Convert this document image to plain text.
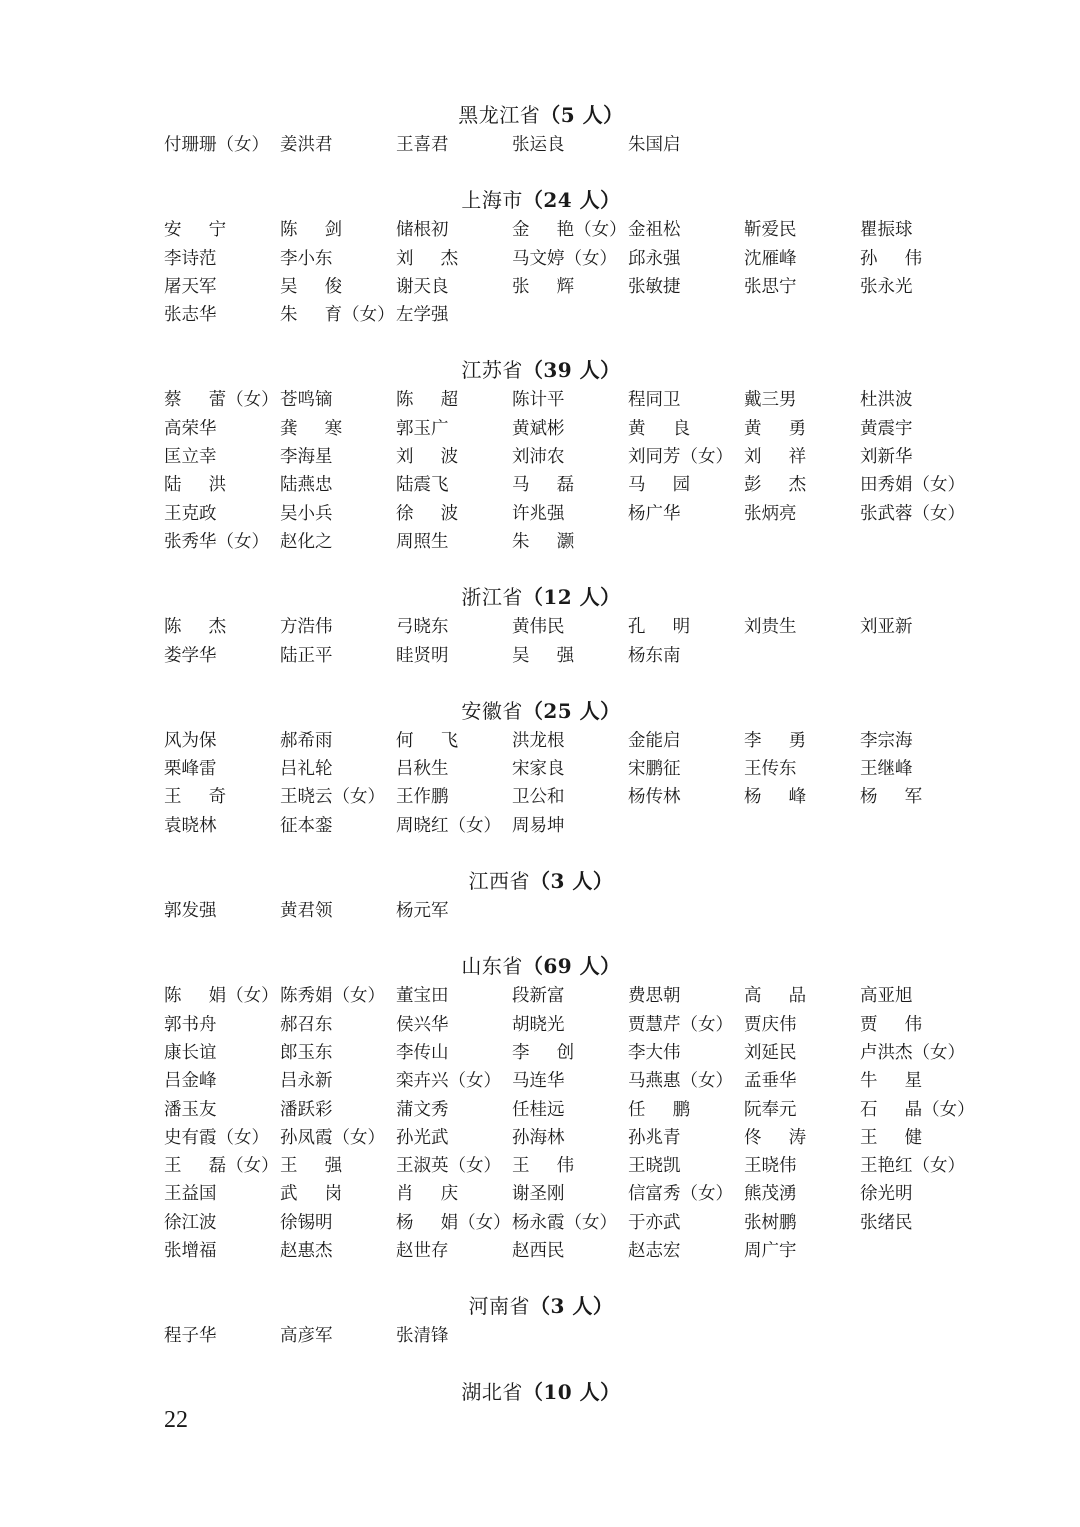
黑龙江省（5 人）
付珊珊（女） 姜洪君	王喜君	张运良	朱国启
上海市（24 人）
安 宁	陈 剑	储根初	金 艳（女） 金祖松	靳爱民	瞿振球
李诗范	李小东	刘 杰	马文婷（女） 邱永强	沈雁峰	孙 伟
屠天军	吴 俊	谢天良	张 辉	张敏捷	张思宁	张永光
张志华	朱 育（女） 左学强
江苏省（39 人）
蔡 蕾（女） 苍鸣镝	陈 超	陈计平	程同卫	戴三男	杜洪波
高荣华	龚 寒	郭玉广	黄斌彬	黄 良	黄 勇	黄震宇
匡立幸	李海星	刘 波	刘沛农	刘同芳（女） 刘 祥	刘新华
陆 洪	陆燕忠	陆震飞	马 磊	马 园	彭 杰	田秀娟（女）
王克政	吴小兵	徐 波	许兆强	杨广华	张炳亮	张武蓉（女）
张秀华（女） 赵化之	周照生	朱 灏
浙江省（12 人）
陈 杰	方浩伟	弓晓东	黄伟民	孔 明	刘贵生	刘亚新
娄学华	陆正平	眭贤明	吴 强	杨东南
安徽省（25 人）
风为保	郝希雨	何 飞	洪龙根	金能启	李 勇	李宗海
栗峰雷	吕礼轮	吕秋生	宋家良	宋鹏征	王传东	王继峰
王 奇	王晓云（女） 王作鹏	卫公和	杨传林	杨 峰	杨 军
袁晓林	征本銮	周晓红（女） 周易坤
江西省（3 人）
郭发强	黄君领	杨元军
山东省（69 人）
陈 娟（女） 陈秀娟（女） 董宝田	段新富	费思朝	高 品	高亚旭
郭书舟	郝召东	侯兴华	胡晓光	贾慧芹（女） 贾庆伟	贾 伟
康长谊	郎玉东	李传山	李 创	李大伟	刘延民	卢洪杰（女）
吕金峰	吕永新	栾卉兴（女） 马连华	马燕惠（女） 孟垂华	牛 星
潘玉友	潘跃彩	蒲文秀	任桂远	任 鹏	阮奉元	石 晶（女）
史有霞（女） 孙凤霞（女） 孙光武	孙海林	孙兆青	佟 涛	王 健
王 磊（女） 王 强	王淑英（女） 王 伟	王晓凯	王晓伟	王艳红（女）
王益国	武 岗	肖 庆	谢圣刚	信富秀（女） 熊茂湧	徐光明
徐江波	徐锡明	杨 娟（女） 杨永霞（女） 于亦武	张树鹏	张绪民
张增福	赵惠杰	赵世存	赵西民	赵志宏	周广宇
河南省（3 人）
程子华	高彦军	张清锋
湖北省（10 人）
22
